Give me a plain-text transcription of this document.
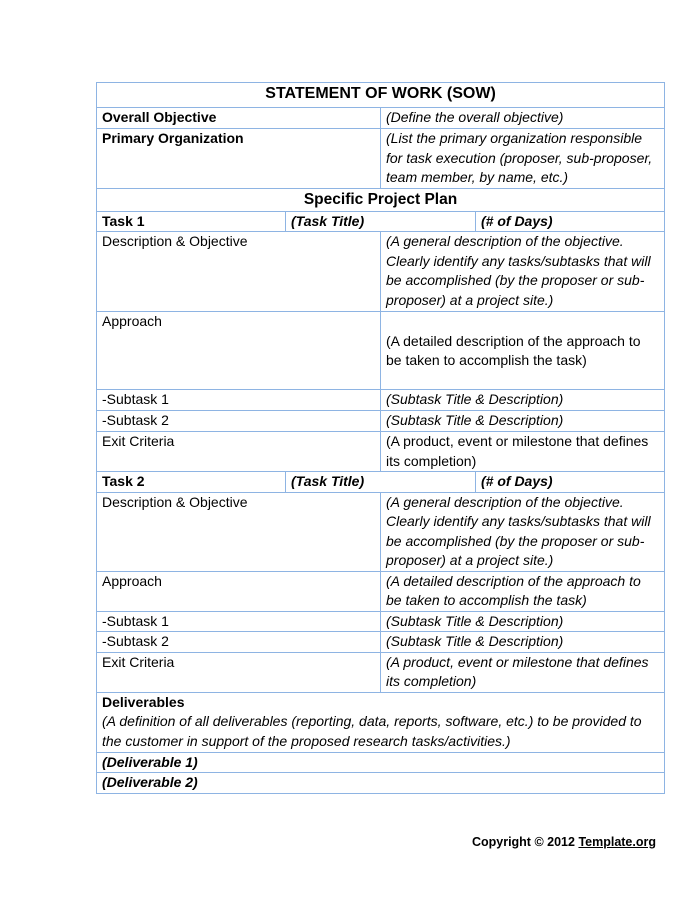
STATEMENT OF WORK (SOW)			
Overall Objective		(Define the overall objective)	
Primary Organization		(List the primary organization responsible for task execution (proposer, sub-proposer, team member, by name, etc.)	
Specific Project Plan			
Task 1	(Task Title)		(# of Days)
Description & Objective		(A general description of the objective. Clearly identify any tasks/subtasks that will be accomplished (by the proposer or sub-proposer) at a project site.)	
Approach		(A detailed description of the approach to be taken to accomplish the task)	
-Subtask 1		(Subtask Title & Description)	
-Subtask 2		(Subtask Title & Description)	
Exit Criteria		(A product, event or milestone that defines its completion)	
Task 2	(Task Title)		(# of Days)
Description & Objective		(A general description of the objective. Clearly identify any tasks/subtasks that will be accomplished (by the proposer or sub-proposer) at a project site.)	
Approach		(A detailed description of the approach to be taken to accomplish the task)	
-Subtask 1		(Subtask Title & Description)	
-Subtask 2		(Subtask Title & Description)	
Exit Criteria		(A product, event or milestone that defines its completion)	

Deliverables
(A definition of all deliverables (reporting, data, reports, software, etc.) to be provided to the customer in support of the proposed research tasks/activities.)			

(Deliverable 1)			
(Deliverable 2)			
Copyright © 2012 Template.org
